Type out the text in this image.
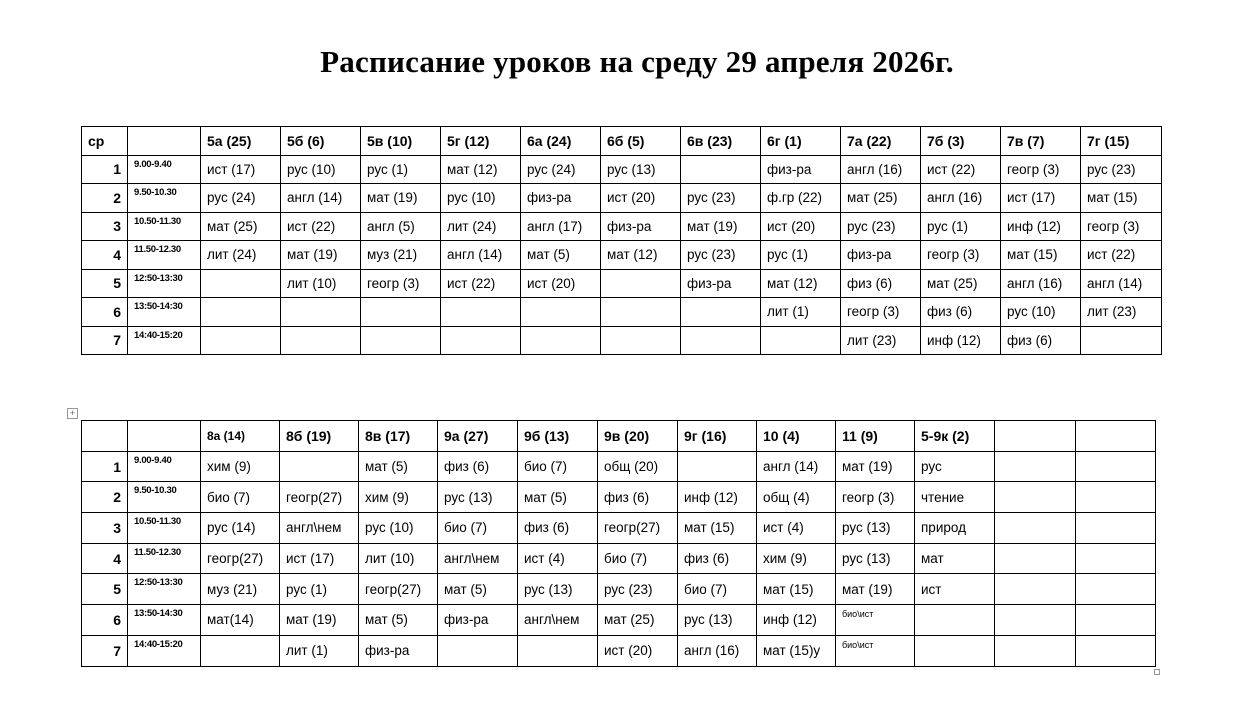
Расписание уроков на среду 29 апреля 2026г.
ср		5а (25)	5б (6)	5в (10)	5г (12)	6а (24)	6б (5)	6в (23)	6г (1)	7а (22)	7б (3)	7в (7)	7г (15)
1	9.00-9.40	ист (17)	рус (10)	рус (1)	мат (12)	рус (24)	рус (13)		физ-ра	англ (16)	ист (22)	геогр (3)	рус (23)
2	9.50-10.30	рус (24)	англ (14)	мат (19)	рус (10)	физ-ра	ист (20)	рус (23)	ф.гр (22)	мат (25)	англ (16)	ист (17)	мат (15)
3	10.50-11.30	мат (25)	ист (22)	англ (5)	лит (24)	англ (17)	физ-ра	мат (19)	ист (20)	рус (23)	рус (1)	инф (12)	геогр (3)
4	11.50-12.30	лит (24)	мат (19)	муз (21)	англ (14)	мат (5)	мат (12)	рус (23)	рус (1)	физ-ра	геогр (3)	мат (15)	ист (22)
5	12:50-13:30		лит (10)	геогр (3)	ист (22)	ист (20)		физ-ра	мат (12)	физ (6)	мат (25)	англ (16)	англ (14)
6	13:50-14:30								лит (1)	геогр (3)	физ (6)	рус (10)	лит (23)
7	14:40-15:20									лит (23)	инф (12)	физ (6)	
+
		8а (14)	8б (19)	8в (17)	9а (27)	9б (13)	9в (20)	9г (16)	10 (4)	11 (9)	5-9к (2)		
1	9.00-9.40	хим (9)		мат (5)	физ (6)	био (7)	общ (20)		англ (14)	мат (19)	рус		
2	9.50-10.30	био (7)	геогр(27)	хим (9)	рус (13)	мат (5)	физ (6)	инф (12)	общ (4)	геогр (3)	чтение		
3	10.50-11.30	рус (14)	англ\нем	рус (10)	био (7)	физ (6)	геогр(27)	мат (15)	ист (4)	рус (13)	природ		
4	11.50-12.30	геогр(27)	ист (17)	лит (10)	англ\нем	ист (4)	био (7)	физ (6)	хим (9)	рус (13)	мат		
5	12:50-13:30	муз (21)	рус (1)	геогр(27)	мат (5)	рус (13)	рус (23)	био (7)	мат (15)	мат (19)	ист		
6	13:50-14:30	мат(14)	мат (19)	мат (5)	физ-ра	англ\нем	мат (25)	рус (13)	инф (12)	био\ист			
7	14:40-15:20		лит (1)	физ-ра			ист (20)	англ (16)	мат (15)у	био\ист			
